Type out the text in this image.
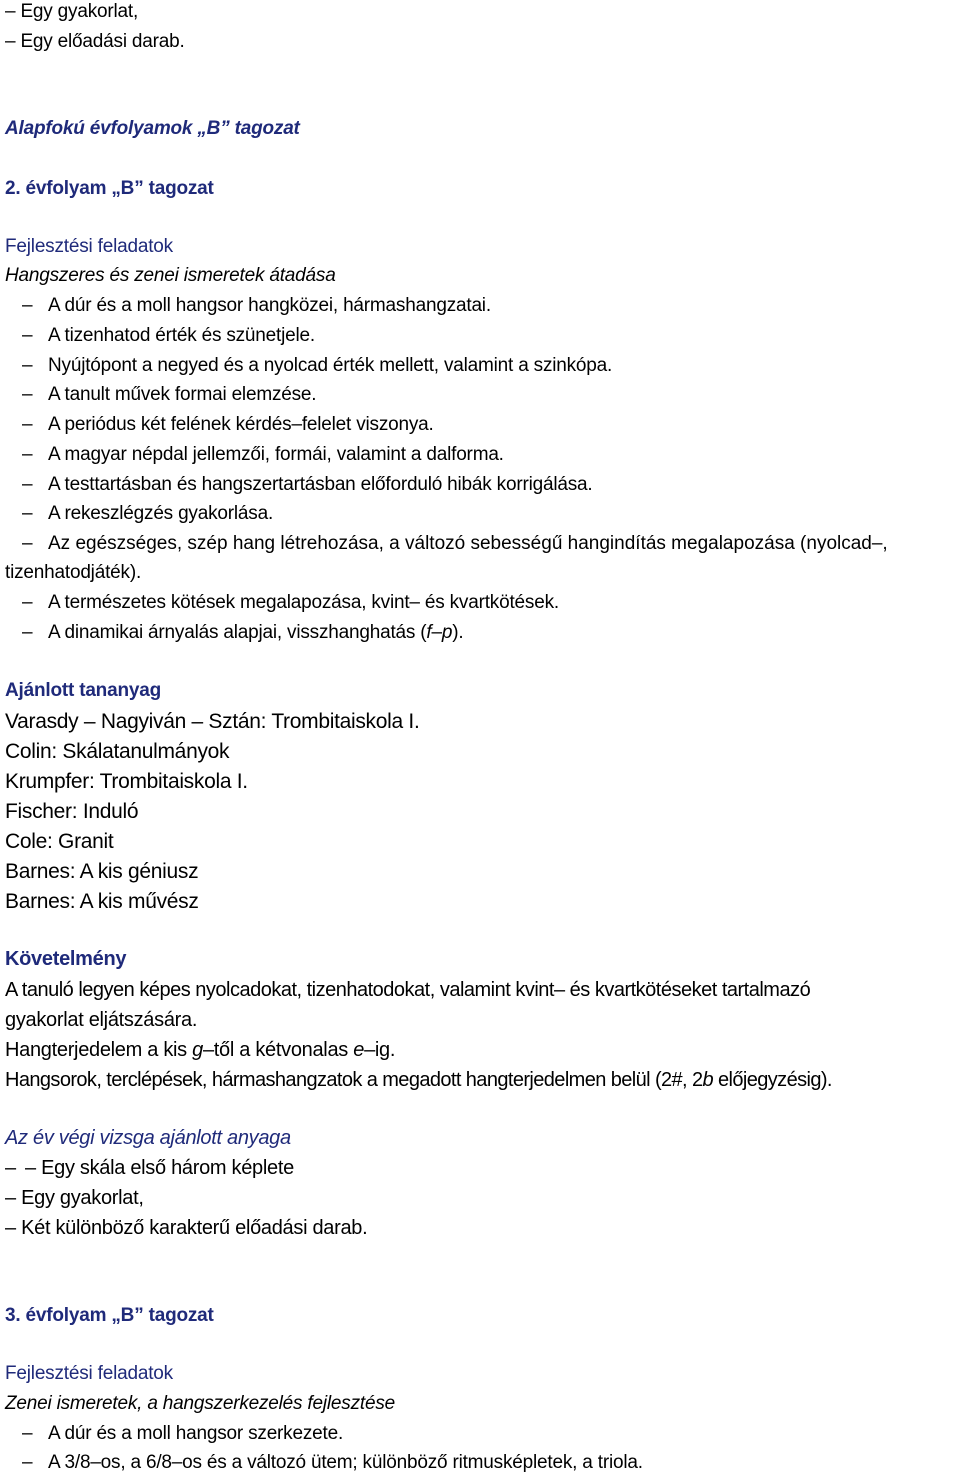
– Egy gyakorlat,
– Egy előadási darab.
Alapfokú évfolyamok „B” tagozat
2. évfolyam „B” tagozat
Fejlesztési feladatok
Hangszeres és zenei ismeretek átadása
– A dúr és a moll hangsor hangközei, hármashangzatai.
– A tizenhatod érték és szünetjele.
– Nyújtópont a negyed és a nyolcad érték mellett, valamint a szinkópa.
– A tanult művek formai elemzése.
– A periódus két felének kérdés–felelet viszonya.
– A magyar népdal jellemzői, formái, valamint a dalforma.
– A testtartásban és hangszertartásban előforduló hibák korrigálása.
– A rekeszlégzés gyakorlása.
– Az egészséges, szép hang létrehozása, a változó sebességű hangindítás megalapozása (nyolcad–,
tizenhatodjáték).
– A természetes kötések megalapozása, kvint– és kvartkötések.
– A dinamikai árnyalás alapjai, visszhanghatás (f–p).
Ajánlott tananyag
Varasdy – Nagyiván – Sztán: Trombitaiskola I.
Colin: Skálatanulmányok
Krumpfer: Trombitaiskola I.
Fischer: Induló
Cole: Granit
Barnes: A kis géniusz
Barnes: A kis művész
Követelmény
A tanuló legyen képes nyolcadokat, tizenhatodokat, valamint kvint– és kvartkötéseket tartalmazó
gyakorlat eljátszására.
Hangterjedelem a kis g–től a kétvonalas e–ig.
Hangsorok, terclépések, hármashangzatok a megadott hangterjedelmen belül (2#, 2b előjegyzésig).
Az év végi vizsga ajánlott anyaga
– – Egy skála első három képlete
– Egy gyakorlat,
– Két különböző karakterű előadási darab.
3. évfolyam „B” tagozat
Fejlesztési feladatok
Zenei ismeretek, a hangszerkezelés fejlesztése
– A dúr és a moll hangsor szerkezete.
– A 3/8–os, a 6/8–os és a változó ütem; különböző ritmusképletek, a triola.
